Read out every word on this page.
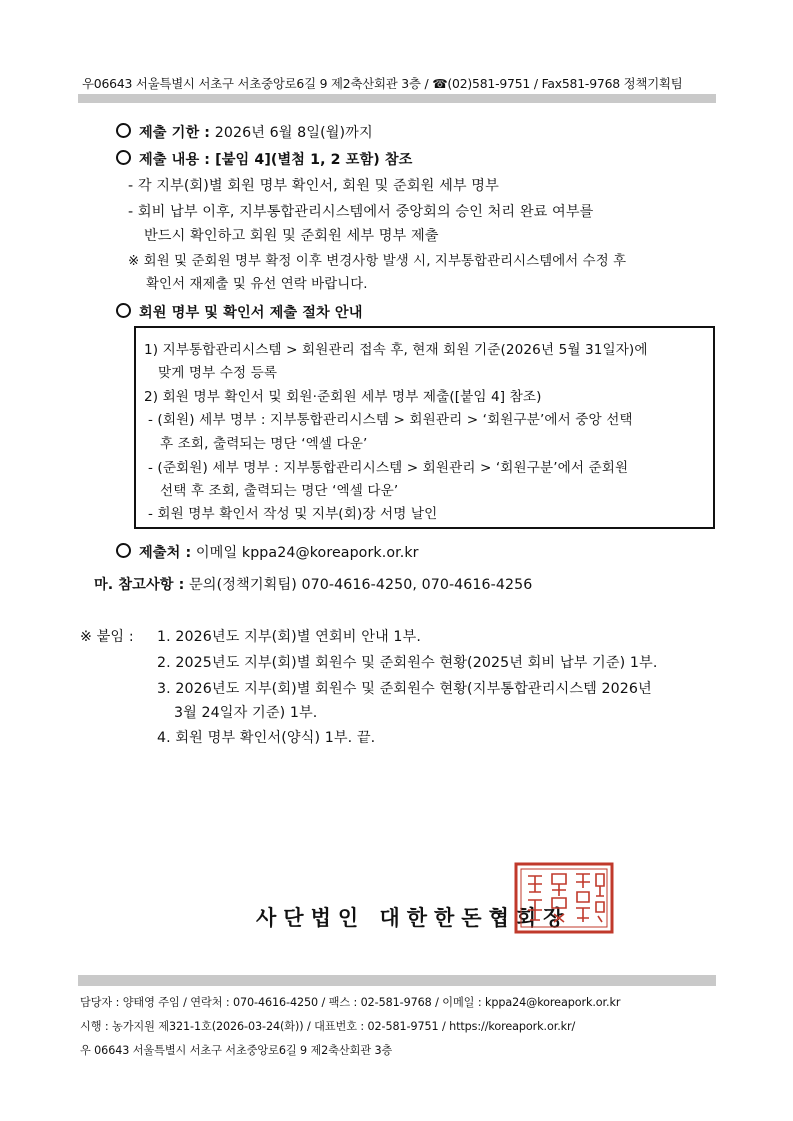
우06643 서울특별시 서초구 서초중앙로6길 9 제2축산회관 3층 / ☎(02)581-9751 / Fax581-9768 정책기획팀
제출 기한 : 2026년 6월 8일(월)까지
제출 내용 : [붙임 4](별첨 1, 2 포함) 참조
- 각 지부(회)별 회원 명부 확인서, 회원 및 준회원 세부 명부
- 회비 납부 이후, 지부통합관리시스템에서 중앙회의 승인 처리 완료 여부를
반드시 확인하고 회원 및 준회원 세부 명부 제출
※ 회원 및 준회원 명부 확정 이후 변경사항 발생 시, 지부통합관리시스템에서 수정 후
확인서 재제출 및 유선 연락 바랍니다.
회원 명부 및 확인서 제출 절차 안내
1) 지부통합관리시스템 > 회원관리 접속 후, 현재 회원 기준(2026년 5월 31일자)에
맞게 명부 수정 등록
2) 회원 명부 확인서 및 회원·준회원 세부 명부 제출([붙임 4] 참조)
- (회원) 세부 명부 : 지부통합관리시스템 > 회원관리 > ‘회원구분’에서 중앙 선택
후 조회, 출력되는 명단 ‘엑셀 다운’
- (준회원) 세부 명부 : 지부통합관리시스템 > 회원관리 > ‘회원구분’에서 준회원
선택 후 조회, 출력되는 명단 ‘엑셀 다운’
- 회원 명부 확인서 작성 및 지부(회)장 서명 날인
제출처 : 이메일 kppa24@koreapork.or.kr
마. 참고사항 : 문의(정책기획팀) 070-4616-4250, 070-4616-4256
※ 붙임 : 1. 2026년도 지부(회)별 연회비 안내 1부.
2. 2025년도 지부(회)별 회원수 및 준회원수 현황(2025년 회비 납부 기준) 1부.
3. 2026년도 지부(회)별 회원수 및 준회원수 현황(지부통합관리시스템 2026년
3월 24일자 기준) 1부.
4. 회원 명부 확인서(양식) 1부. 끝.
사단법인 대한한돈협회장
담당자 : 양태영 주임 / 연락처 : 070-4616-4250 / 팩스 : 02-581-9768 / 이메일 : kppa24@koreapork.or.kr
시행 : 농가지원 제321-1호(2026-03-24(화)) / 대표번호 : 02-581-9751 / https://koreapork.or.kr/
우 06643 서울특별시 서초구 서초중앙로6길 9 제2축산회관 3층
